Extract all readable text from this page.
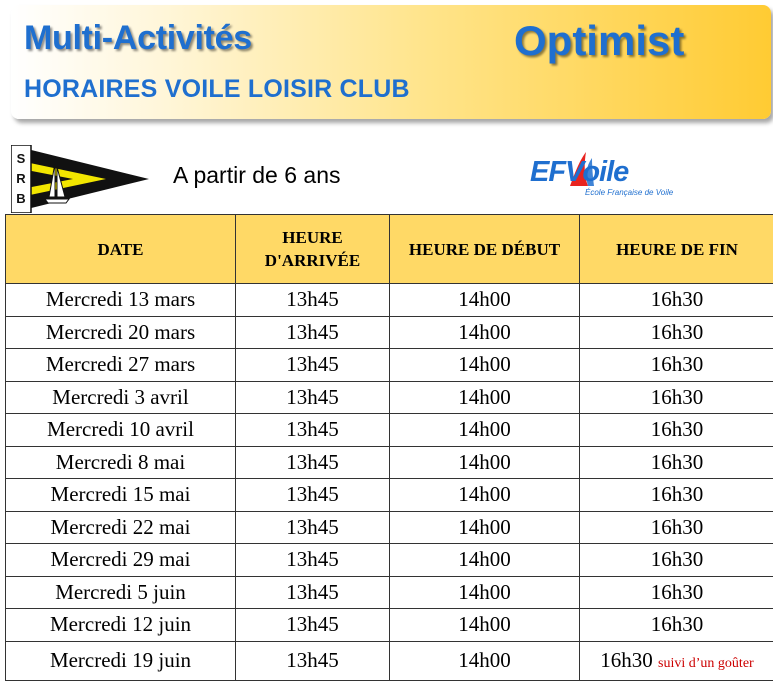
Multi-Activités	Optimist
HORAIRES VOILE LOISIR CLUB
S
R
B
A partir de 6 ans	EFVoile
École Française de Voile
DATE	HEURE D'ARRIVÉE	HEURE DE DÉBUT	HEURE DE FIN
Mercredi 13 mars	13h45	14h00	16h30
Mercredi 20 mars	13h45	14h00	16h30
Mercredi 27 mars	13h45	14h00	16h30
Mercredi 3 avril	13h45	14h00	16h30
Mercredi 10 avril	13h45	14h00	16h30
Mercredi 8 mai	13h45	14h00	16h30
Mercredi 15 mai	13h45	14h00	16h30
Mercredi 22 mai	13h45	14h00	16h30
Mercredi 29 mai	13h45	14h00	16h30
Mercredi 5 juin	13h45	14h00	16h30
Mercredi 12 juin	13h45	14h00	16h30
Mercredi 19 juin	13h45	14h00	16h30 suivi d’un goûter
